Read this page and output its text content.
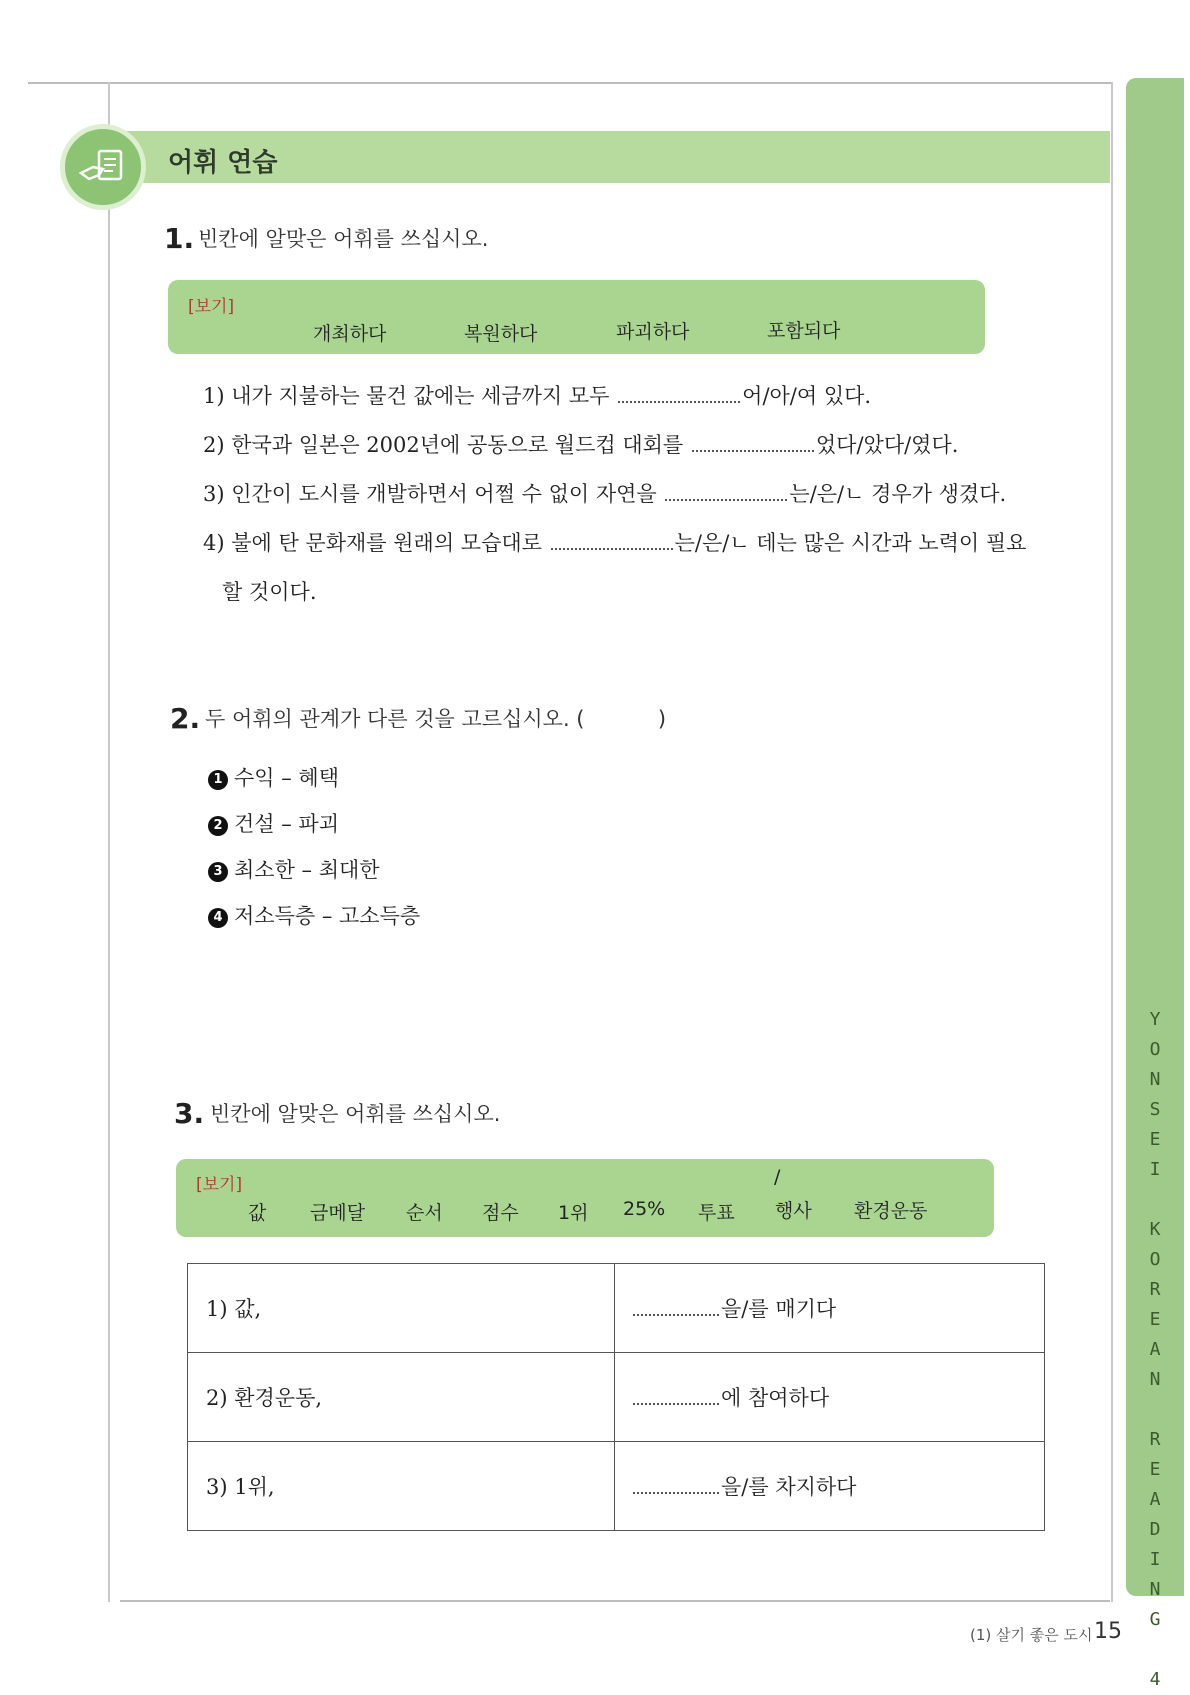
Y
O
N
S
E
I

K
O
R
E
A
N

R
E
A
D
I
N
G

4
어휘 연습
1. 빈칸에 알맞은 어휘를 쓰십시오.
[보기]
개최하다	복원하다	파괴하다	포함되다
1) 내가 지불하는 물건 값에는 세금까지 모두	어/아/여 있다.
2) 한국과 일본은 2002년에 공동으로 월드컵 대회를	었다/았다/였다.
3) 인간이 도시를 개발하면서 어쩔 수 없이 자연을	는/은/ㄴ 경우가 생겼다.
4) 불에 탄 문화재를 원래의 모습대로	는/은/ㄴ 데는 많은 시간과 노력이 필요
할 것이다.
2. 두 어휘의 관계가 다른 것을 고르십시오. (	)
1 수익 – 혜택
2 건설 – 파괴
3 최소한 – 최대한
4 저소득층 – 고소득층
3. 빈칸에 알맞은 어휘를 쓰십시오.
[보기]	/
값 금메달 순서 점수 1위 25% 투표 행사 환경운동
1) 값,	을/를 매기다
2) 환경운동,	에 참여하다
3) 1위,	을/를 차지하다
(1) 살기 좋은 도시 15
